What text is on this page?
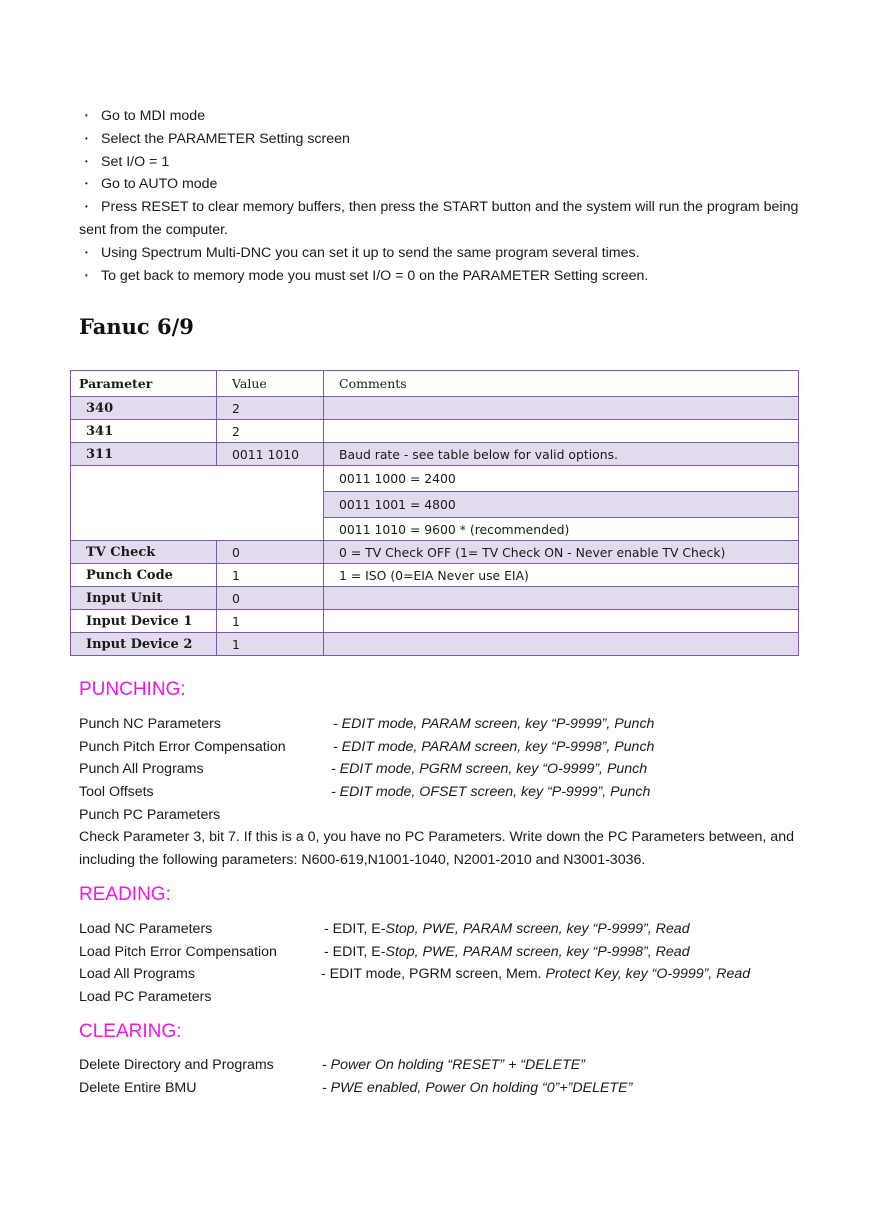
• Go to MDI mode
• Select the PARAMETER Setting screen
• Set I/O = 1
• Go to AUTO mode
• Press RESET to clear memory buffers, then press the START button and the system will run the program being sent from the computer.
• Using Spectrum Multi-DNC you can set it up to send the same program several times.
• To get back to memory mode you must set I/O = 0 on the PARAMETER Setting screen.
Fanuc 6/9
Parameter	Value	Comments
340	2	
341	2	
311	0011 1010	Baud rate - see table below for valid options.
		0011 1000 = 2400
		0011 1001 = 4800
		0011 1010 = 9600 * (recommended)
TV Check	0	0 = TV Check OFF (1= TV Check ON - Never enable TV Check)
Punch Code	1	1 = ISO (0=EIA Never use EIA)
Input Unit	0	
Input Device 1	1	
Input Device 2	1	
PUNCHING:
Punch NC Parameters	- EDIT mode, PARAM screen, key “P-9999”, Punch
Punch Pitch Error Compensation	- EDIT mode, PARAM screen, key “P-9998”, Punch
Punch All Programs	- EDIT mode, PGRM screen, key “O-9999”, Punch
Tool Offsets	- EDIT mode, OFSET screen, key “P-9999”, Punch
Punch PC Parameters
Check Parameter 3, bit 7. If this is a 0, you have no PC Parameters. Write down the PC Parameters between, and including the following parameters: N600-619,N1001-1040, N2001-2010 and N3001-3036.
READING:
Load NC Parameters	- EDIT, E-Stop, PWE, PARAM screen, key “P-9999”, Read
Load Pitch Error Compensation	- EDIT, E-Stop, PWE, PARAM screen, key “P-9998”, Read
Load All Programs	- EDIT mode, PGRM screen, Mem. Protect Key, key “O-9999”, Read
Load PC Parameters
CLEARING:
Delete Directory and Programs	- Power On holding “RESET” + “DELETE”
Delete Entire BMU	- PWE enabled, Power On holding “0”+”DELETE”
